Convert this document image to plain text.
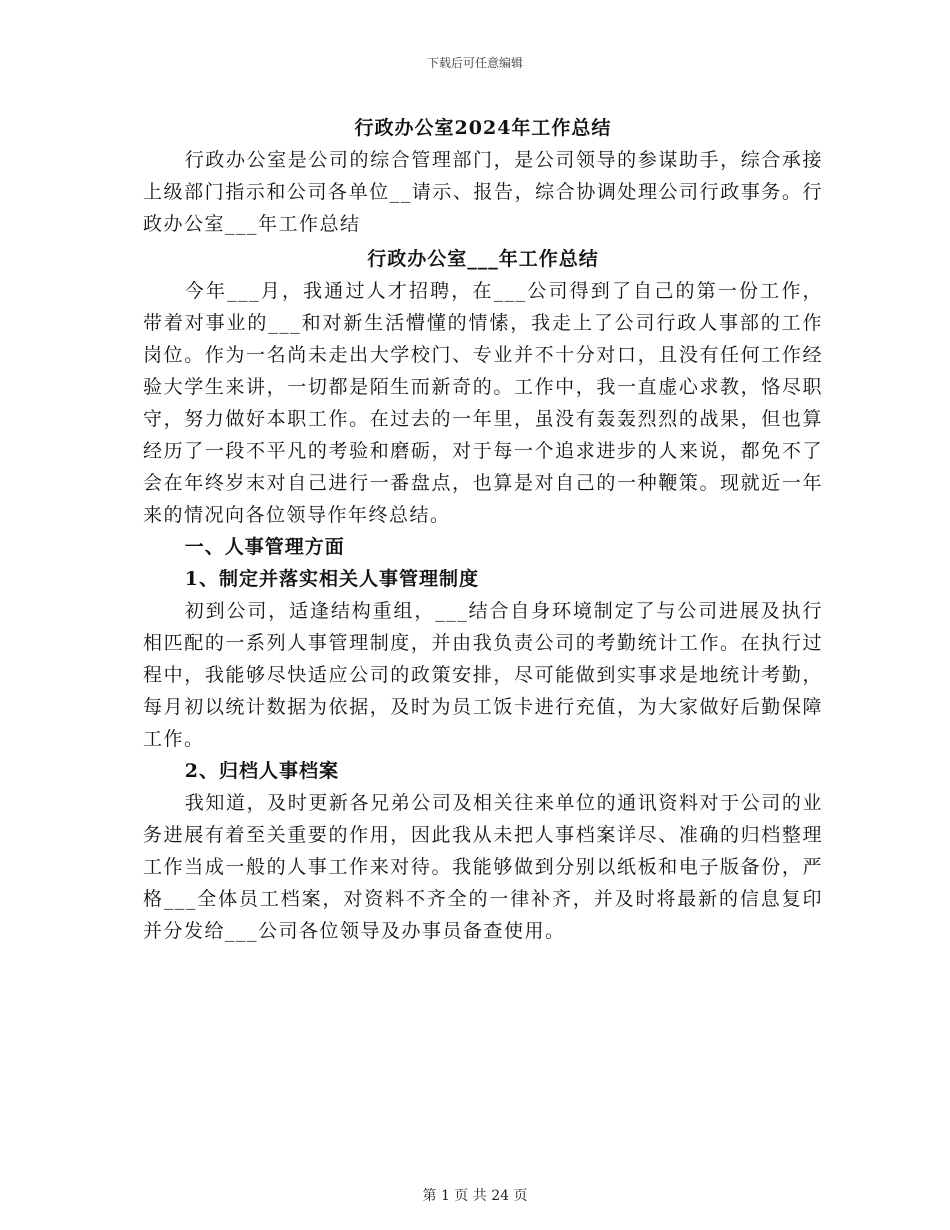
下载后可任意编辑
行政办公室2024年工作总结

行政办公室是公司的综合管理部门，是公司领导的参谋助手，综合承接上级部门指示和公司各单位__请示、报告，综合协调处理公司行政事务。行政办公室___年工作总结

行政办公室___年工作总结

今年___月，我通过人才招聘，在___公司得到了自己的第一份工作，带着对事业的___和对新生活懵懂的情愫，我走上了公司行政人事部的工作岗位。作为一名尚未走出大学校门、专业并不十分对口，且没有任何工作经验大学生来讲，一切都是陌生而新奇的。工作中，我一直虚心求教，恪尽职守，努力做好本职工作。在过去的一年里，虽没有轰轰烈烈的战果，但也算经历了一段不平凡的考验和磨砺，对于每一个追求进步的人来说，都免不了会在年终岁末对自己进行一番盘点，也算是对自己的一种鞭策。现就近一年来的情况向各位领导作年终总结。

一、人事管理方面
1、制定并落实相关人事管理制度

初到公司，适逢结构重组，___结合自身环境制定了与公司进展及执行相匹配的一系列人事管理制度，并由我负责公司的考勤统计工作。在执行过程中，我能够尽快适应公司的政策安排，尽可能做到实事求是地统计考勤，每月初以统计数据为依据，及时为员工饭卡进行充值，为大家做好后勤保障工作。

2、归档人事档案

我知道，及时更新各兄弟公司及相关往来单位的通讯资料对于公司的业务进展有着至关重要的作用，因此我从未把人事档案详尽、准确的归档整理工作当成一般的人事工作来对待。我能够做到分别以纸板和电子版备份，严格___全体员工档案，对资料不齐全的一律补齐，并及时将最新的信息复印并分发给___公司各位领导及办事员备查使用。

第 1 页 共 24 页
